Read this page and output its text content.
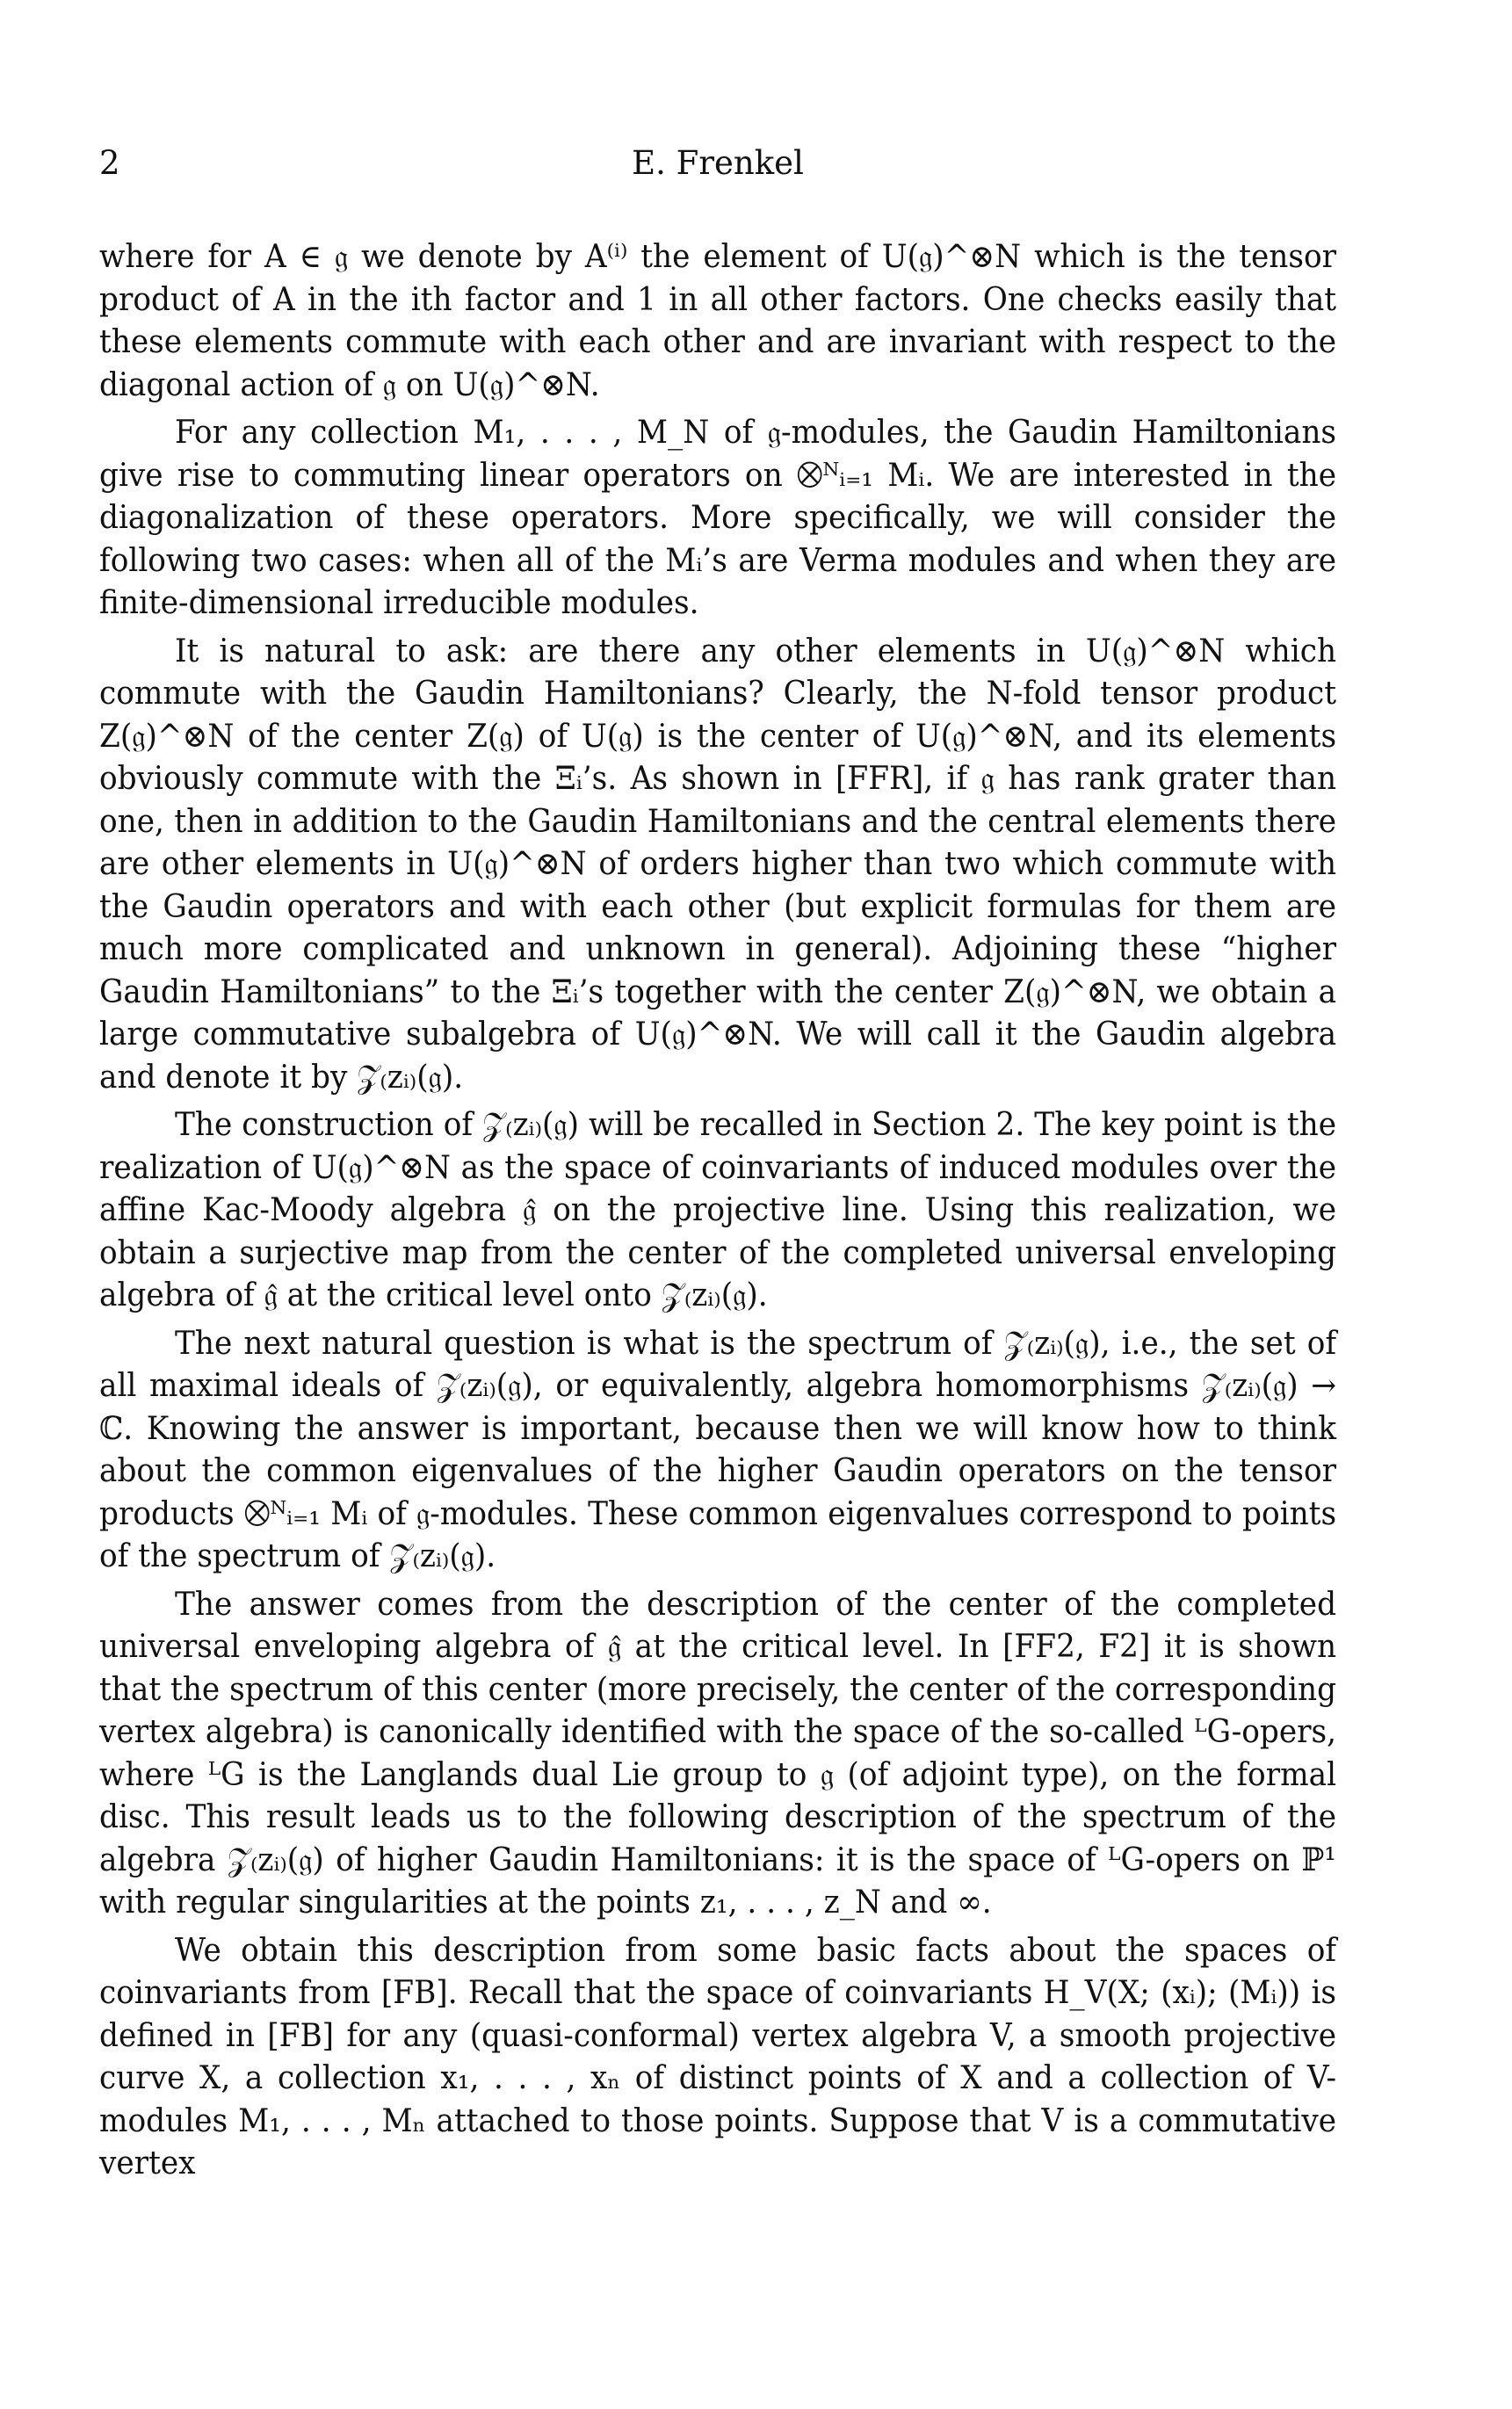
2	E. Frenkel

where for A ∈ 𝔤 we denote by A⁽ⁱ⁾ the element of U(𝔤)^⊗N which is the tensor product of A in the ith factor and 1 in all other factors. One checks easily that these elements commute with each other and are invariant with respect to the diagonal action of 𝔤 on U(𝔤)^⊗N.

For any collection M₁, . . . , M_N of 𝔤-modules, the Gaudin Hamiltonians give rise to commuting linear operators on ⨂ᴺᵢ₌₁ Mᵢ. We are interested in the diagonalization of these operators. More specifically, we will consider the following two cases: when all of the Mᵢ’s are Verma modules and when they are finite-dimensional irreducible modules.

It is natural to ask: are there any other elements in U(𝔤)^⊗N which commute with the Gaudin Hamiltonians? Clearly, the N-fold tensor product Z(𝔤)^⊗N of the center Z(𝔤) of U(𝔤) is the center of U(𝔤)^⊗N, and its elements obviously commute with the Ξᵢ’s. As shown in [FFR], if 𝔤 has rank grater than one, then in addition to the Gaudin Hamiltonians and the central elements there are other elements in U(𝔤)^⊗N of orders higher than two which commute with the Gaudin operators and with each other (but explicit formulas for them are much more complicated and unknown in general). Adjoining these “higher Gaudin Hamiltonians” to the Ξᵢ’s together with the center Z(𝔤)^⊗N, we obtain a large commutative subalgebra of U(𝔤)^⊗N. We will call it the Gaudin algebra and denote it by 𝒵₍zᵢ₎(𝔤).

The construction of 𝒵₍zᵢ₎(𝔤) will be recalled in Section 2. The key point is the realization of U(𝔤)^⊗N as the space of coinvariants of induced modules over the affine Kac-Moody algebra 𝔤̂ on the projective line. Using this realization, we obtain a surjective map from the center of the completed universal enveloping algebra of 𝔤̂ at the critical level onto 𝒵₍zᵢ₎(𝔤).

The next natural question is what is the spectrum of 𝒵₍zᵢ₎(𝔤), i.e., the set of all maximal ideals of 𝒵₍zᵢ₎(𝔤), or equivalently, algebra homomorphisms 𝒵₍zᵢ₎(𝔤) → ℂ. Knowing the answer is important, because then we will know how to think about the common eigenvalues of the higher Gaudin operators on the tensor products ⨂ᴺᵢ₌₁ Mᵢ of 𝔤-modules. These common eigenvalues correspond to points of the spectrum of 𝒵₍zᵢ₎(𝔤).

The answer comes from the description of the center of the completed universal enveloping algebra of 𝔤̂ at the critical level. In [FF2, F2] it is shown that the spectrum of this center (more precisely, the center of the corresponding vertex algebra) is canonically identified with the space of the so-called ᴸG-opers, where ᴸG is the Langlands dual Lie group to 𝔤 (of adjoint type), on the formal disc. This result leads us to the following description of the spectrum of the algebra 𝒵₍zᵢ₎(𝔤) of higher Gaudin Hamiltonians: it is the space of ᴸG-opers on ℙ¹ with regular singularities at the points z₁, . . . , z_N and ∞.

We obtain this description from some basic facts about the spaces of coinvariants from [FB]. Recall that the space of coinvariants H_V(X; (xᵢ); (Mᵢ)) is defined in [FB] for any (quasi-conformal) vertex algebra V, a smooth projective curve X, a collection x₁, . . . , xₙ of distinct points of X and a collection of V-modules M₁, . . . , Mₙ attached to those points. Suppose that V is a commutative vertex
